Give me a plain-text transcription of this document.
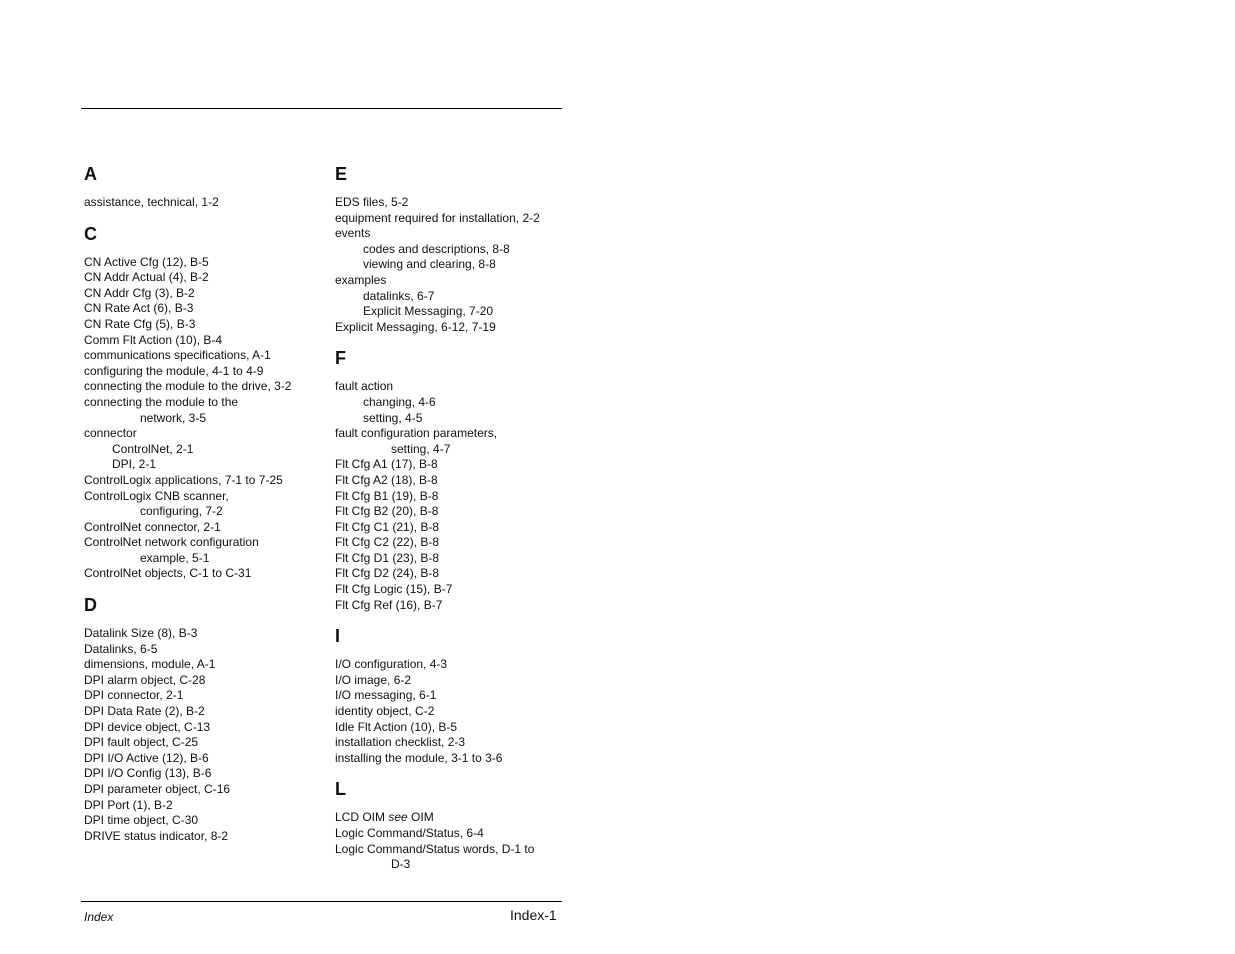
A
assistance, technical, 1-2
C
CN Active Cfg (12), B-5
CN Addr Actual (4), B-2
CN Addr Cfg (3), B-2
CN Rate Act (6), B-3
CN Rate Cfg (5), B-3
Comm Flt Action (10), B-4
communications specifications, A-1
configuring the module, 4-1 to 4-9
connecting the module to the drive, 3-2
connecting the module to the
network, 3-5
connector
ControlNet, 2-1
DPI, 2-1
ControlLogix applications, 7-1 to 7-25
ControlLogix CNB scanner,
configuring, 7-2
ControlNet connector, 2-1
ControlNet network configuration
example, 5-1
ControlNet objects, C-1 to C-31
D
Datalink Size (8), B-3
Datalinks, 6-5
dimensions, module, A-1
DPI alarm object, C-28
DPI connector, 2-1
DPI Data Rate (2), B-2
DPI device object, C-13
DPI fault object, C-25
DPI I/O Active (12), B-6
DPI I/O Config (13), B-6
DPI parameter object, C-16
DPI Port (1), B-2
DPI time object, C-30
DRIVE status indicator, 8-2
E
EDS files, 5-2
equipment required for installation, 2-2
events
codes and descriptions, 8-8
viewing and clearing, 8-8
examples
datalinks, 6-7
Explicit Messaging, 7-20
Explicit Messaging, 6-12, 7-19
F
fault action
changing, 4-6
setting, 4-5
fault configuration parameters,
setting, 4-7
Flt Cfg A1 (17), B-8
Flt Cfg A2 (18), B-8
Flt Cfg B1 (19), B-8
Flt Cfg B2 (20), B-8
Flt Cfg C1 (21), B-8
Flt Cfg C2 (22), B-8
Flt Cfg D1 (23), B-8
Flt Cfg D2 (24), B-8
Flt Cfg Logic (15), B-7
Flt Cfg Ref (16), B-7
I
I/O configuration, 4-3
I/O image, 6-2
I/O messaging, 6-1
identity object, C-2
Idle Flt Action (10), B-5
installation checklist, 2-3
installing the module, 3-1 to 3-6
L
LCD OIM see OIM
Logic Command/Status, 6-4
Logic Command/Status words, D-1 to
D-3
Index	Index-1
